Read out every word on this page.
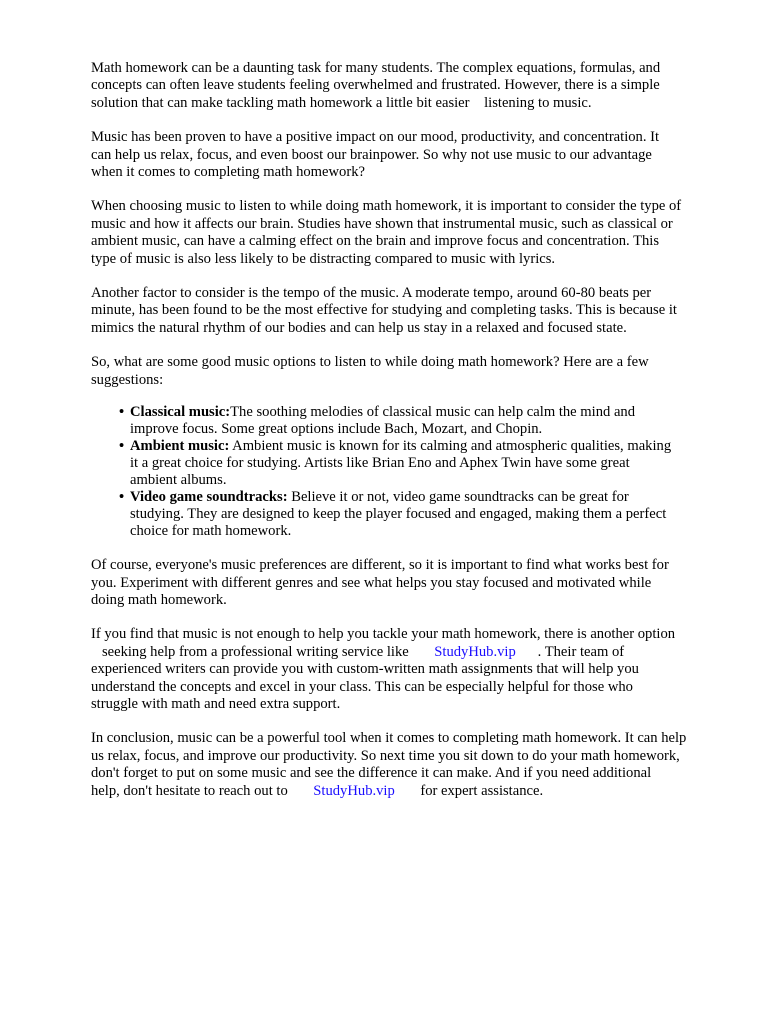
Math homework can be a daunting task for many students. The complex equations, formulas, and
concepts can often leave students feeling overwhelmed and frustrated. However, there is a simple
solution that can make tackling math homework a little bit easier    listening to music.

Music has been proven to have a positive impact on our mood, productivity, and concentration. It
can help us relax, focus, and even boost our brainpower. So why not use music to our advantage
when it comes to completing math homework?

When choosing music to listen to while doing math homework, it is important to consider the type of
music and how it affects our brain. Studies have shown that instrumental music, such as classical or
ambient music, can have a calming effect on the brain and improve focus and concentration. This
type of music is also less likely to be distracting compared to music with lyrics.

Another factor to consider is the tempo of the music. A moderate tempo, around 60-80 beats per
minute, has been found to be the most effective for studying and completing tasks. This is because it
mimics the natural rhythm of our bodies and can help us stay in a relaxed and focused state.

So, what are some good music options to listen to while doing math homework? Here are a few
suggestions:

• Classical music:The soothing melodies of classical music can help calm the mind and
improve focus. Some great options include Bach, Mozart, and Chopin.
• Ambient music: Ambient music is known for its calming and atmospheric qualities, making
it a great choice for studying. Artists like Brian Eno and Aphex Twin have some great
ambient albums.
• Video game soundtracks: Believe it or not, video game soundtracks can be great for
studying. They are designed to keep the player focused and engaged, making them a perfect
choice for math homework.

Of course, everyone's music preferences are different, so it is important to find what works best for
you. Experiment with different genres and see what helps you stay focused and motivated while
doing math homework.

If you find that music is not enough to help you tackle your math homework, there is another option
seeking help from a professional writing service like       StudyHub.vip      . Their team of
experienced writers can provide you with custom-written math assignments that will help you
understand the concepts and excel in your class. This can be especially helpful for those who
struggle with math and need extra support.

In conclusion, music can be a powerful tool when it comes to completing math homework. It can help
us relax, focus, and improve our productivity. So next time you sit down to do your math homework,
don't forget to put on some music and see the difference it can make. And if you need additional
help, don't hesitate to reach out to       StudyHub.vip       for expert assistance.
